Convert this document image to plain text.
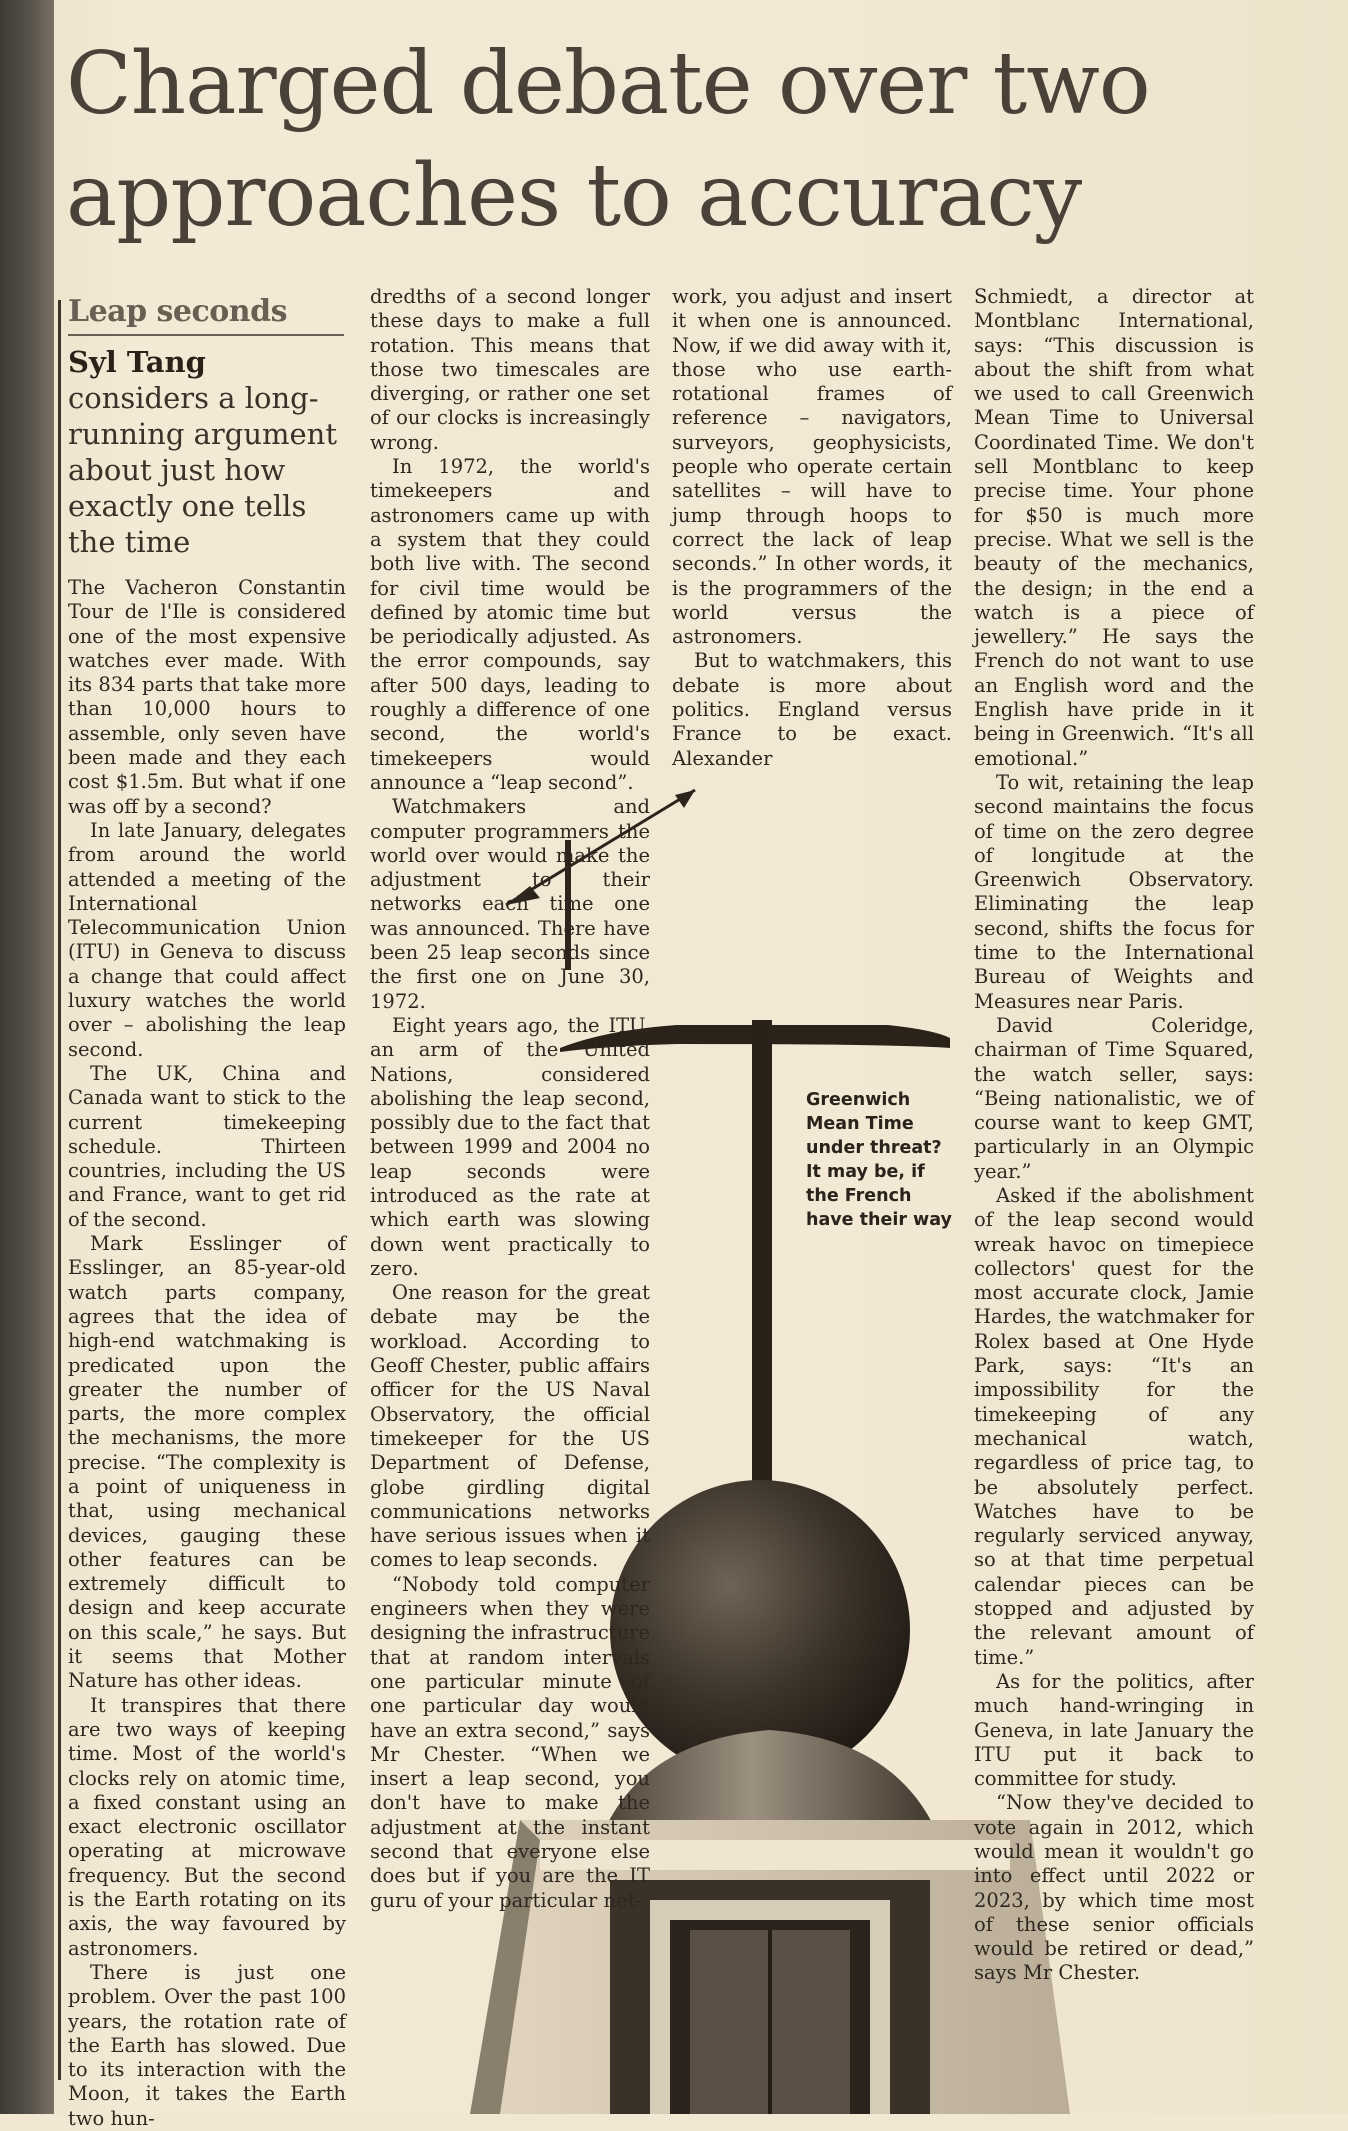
Charged debate over two approaches to accuracy
Leap seconds
Syl Tang considers a long-running argument about just how exactly one tells the time
Greenwich Mean Time under threat? It may be, if the French have their way

The Vacheron Constantin Tour de l'Ile is considered one of the most expensive watches ever made. With its 834 parts that take more than 10,000 hours to assemble, only seven have been made and they each cost $1.5m. But what if one was off by a second?

In late January, delegates from around the world attended a meeting of the International Telecommunication Union (ITU) in Geneva to discuss a change that could affect luxury watches the world over – abolishing the leap second.

The UK, China and Canada want to stick to the current timekeeping schedule. Thirteen countries, including the US and France, want to get rid of the second.

Mark Esslinger of Esslinger, an 85-year-old watch parts company, agrees that the idea of high-end watchmaking is predicated upon the greater the number of parts, the more complex the mechanisms, the more precise. “The complexity is a point of uniqueness in that, using mechanical devices, gauging these other features can be extremely difficult to design and keep accurate on this scale,” he says. But it seems that Mother Nature has other ideas.

It transpires that there are two ways of keeping time. Most of the world's clocks rely on atomic time, a fixed constant using an exact electronic oscillator operating at microwave frequency. But the second is the Earth rotating on its axis, the way favoured by astronomers.

There is just one problem. Over the past 100 years, the rotation rate of the Earth has slowed. Due to its interaction with the Moon, it takes the Earth two hun-

dredths of a second longer these days to make a full rotation. This means that those two timescales are diverging, or rather one set of our clocks is increasingly wrong.

In 1972, the world's timekeepers and astronomers came up with a system that they could both live with. The second for civil time would be defined by atomic time but be periodically adjusted. As the error compounds, say after 500 days, leading to roughly a difference of one second, the world's timekeepers would announce a “leap second”.

Watchmakers and computer programmers the world over would make the adjustment to their networks each time one was announced. There have been 25 leap seconds since the first one on June 30, 1972.

Eight years ago, the ITU, an arm of the United Nations, considered abolishing the leap second, possibly due to the fact that between 1999 and 2004 no leap seconds were introduced as the rate at which earth was slowing down went practically to zero.

One reason for the great debate may be the workload. According to Geoff Chester, public affairs officer for the US Naval Observatory, the official timekeeper for the US Department of Defense, globe girdling digital communications networks have serious issues when it comes to leap seconds.

“Nobody told computer engineers when they were designing the infrastructure that at random intervals one particular minute of one particular day would have an extra second,” says Mr Chester. “When we insert a leap second, you don't have to make the adjustment at the instant second that everyone else does but if you are the IT guru of your particular net-

work, you adjust and insert it when one is announced. Now, if we did away with it, those who use earth-rotational frames of reference – navigators, surveyors, geophysicists, people who operate certain satellites – will have to jump through hoops to correct the lack of leap seconds.” In other words, it is the programmers of the world versus the astronomers.

But to watchmakers, this debate is more about politics. England versus France to be exact. Alexander

Schmiedt, a director at Montblanc International, says: “This discussion is about the shift from what we used to call Greenwich Mean Time to Universal Coordinated Time. We don't sell Montblanc to keep precise time. Your phone for $50 is much more precise. What we sell is the beauty of the mechanics, the design; in the end a watch is a piece of jewellery.” He says the French do not want to use an English word and the English have pride in it being in Greenwich. “It's all emotional.”

To wit, retaining the leap second maintains the focus of time on the zero degree of longitude at the Greenwich Observatory. Eliminating the leap second, shifts the focus for time to the International Bureau of Weights and Measures near Paris.

David Coleridge, chairman of Time Squared, the watch seller, says: “Being nationalistic, we of course want to keep GMT, particularly in an Olympic year.”

Asked if the abolishment of the leap second would wreak havoc on timepiece collectors' quest for the most accurate clock, Jamie Hardes, the watchmaker for Rolex based at One Hyde Park, says: “It's an impossibility for the timekeeping of any mechanical watch, regardless of price tag, to be absolutely perfect. Watches have to be regularly serviced anyway, so at that time perpetual calendar pieces can be stopped and adjusted by the relevant amount of time.”

As for the politics, after much hand-wringing in Geneva, in late January the ITU put it back to committee for study.

“Now they've decided to vote again in 2012, which would mean it wouldn't go into effect until 2022 or 2023, by which time most of these senior officials would be retired or dead,” says Mr Chester.
